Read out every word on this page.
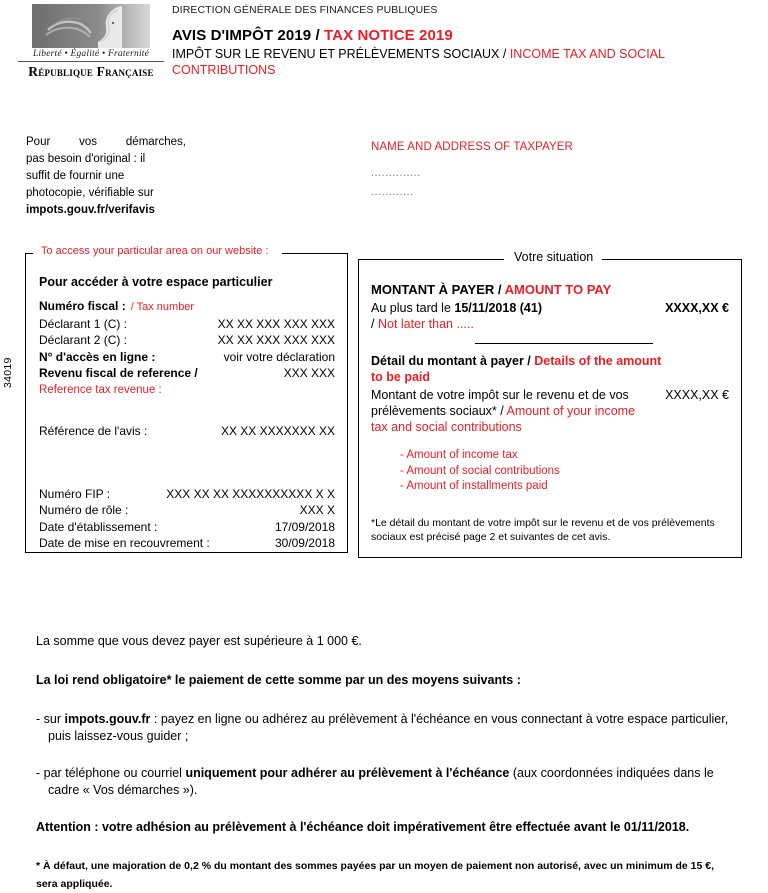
Liberté • Égalité • Fraternité
République Française
DIRECTION GÉNÉRALE DES FINANCES PUBLIQUES
AVIS D'IMPÔT 2019 / TAX NOTICE 2019
IMPÔT SUR LE REVENU ET PRÉLÈVEMENTS SOCIAUX / INCOME TAX AND SOCIAL CONTRIBUTIONS
Pour vos démarches,
pas besoin d'original : il
suffit de fournir une
photocopie, vérifiable sur
impots.gouv.fr/verifavis
NAME AND ADDRESS OF TAXPAYER
..............
............
34019
To access your particular area on our website :
Pour accéder à votre espace particulier
Numéro fiscal : / Tax number
Déclarant 1 (C) :	XX XX XXX XXX XXX
Déclarant 2 (C) :	XX XX XXX XXX XXX
N° d'accès en ligne :	voir votre déclaration
Revenu fiscal de reference /	XXX XXX
Reference tax revenue :
Référence de l'avis :	XX XX XXXXXXX XX
Numéro FIP :	XXX XX XX XXXXXXXXXX X X
Numéro de rôle :	XXX X
Date d'établissement :	17/09/2018
Date de mise en recouvrement :	30/09/2018
Votre situation
MONTANT À PAYER / AMOUNT TO PAY
Au plus tard le 15/11/2018 (41)	XXXX,XX €
/ Not later than .....
Détail du montant à payer / Details of the amount
to be paid
Montant de votre impôt sur le revenu et de vos prélèvements sociaux* / Amount of your income tax and social contributions
XXXX,XX €
- Amount of income tax
- Amount of social contributions
- Amount of installments paid
*Le détail du montant de votre impôt sur le revenu et de vos prélèvements
sociaux est précisé page 2 et suivantes de cet avis.
La somme que vous devez payer est supérieure à 1 000 €.
La loi rend obligatoire* le paiement de cette somme par un des moyens suivants :
- sur impots.gouv.fr : payez en ligne ou adhérez au prélèvement à l'échéance en vous connectant à votre espace particulier, puis laissez-vous guider ;
- par téléphone ou courriel uniquement pour adhérer au prélèvement à l'échéance (aux coordonnées indiquées dans le cadre « Vos démarches »).
Attention : votre adhésion au prélèvement à l'échéance doit impérativement être effectuée avant le 01/11/2018.
* À défaut, une majoration de 0,2 % du montant des sommes payées par un moyen de paiement non autorisé, avec un minimum de 15 €, sera appliquée.
